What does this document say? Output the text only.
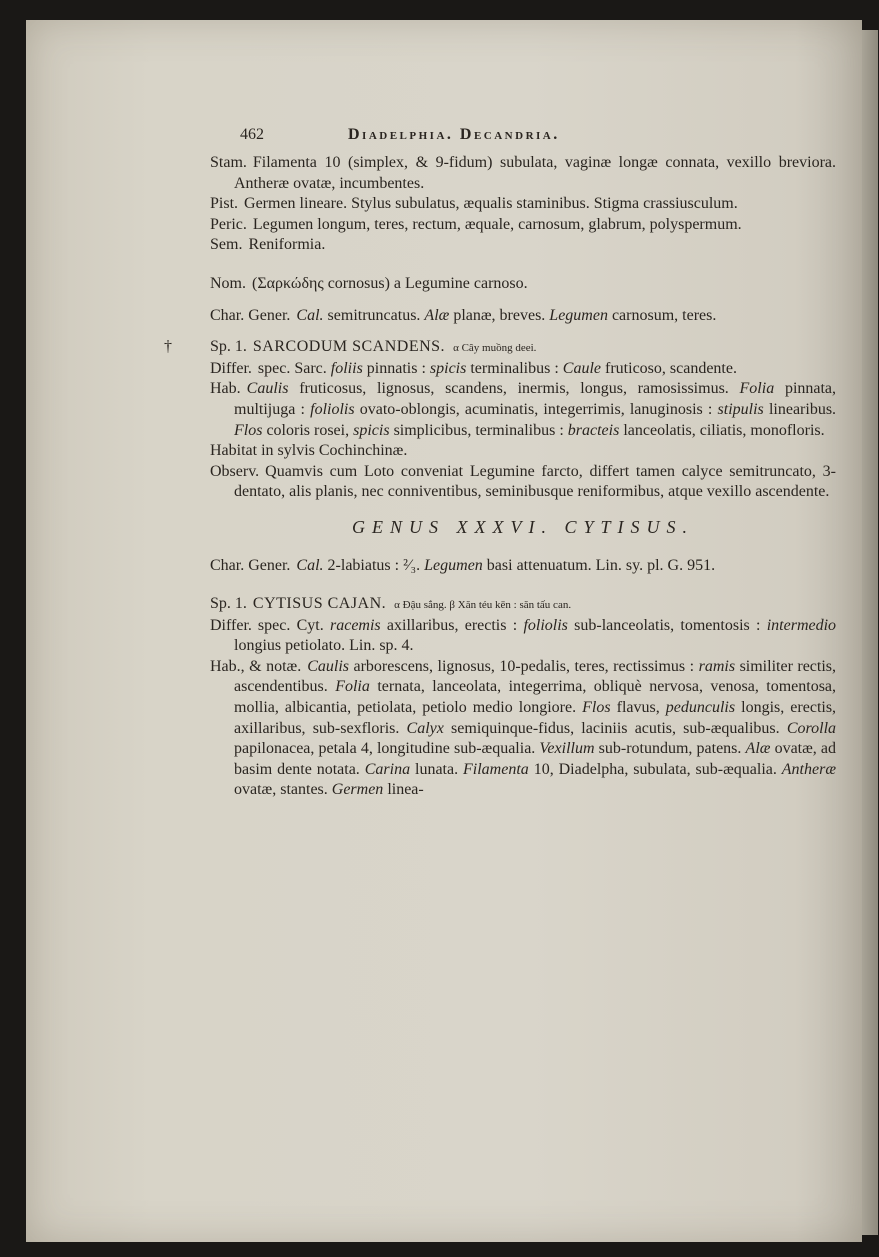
462	Diadelphia. Decandria.

Stam. Filamenta 10 (simplex, & 9-fidum) subulata, vaginæ longæ connata, vexillo breviora. Antheræ ovatæ, incumbentes.

Pist. Germen lineare. Stylus subulatus, æqualis staminibus. Stigma crassiusculum.

Peric. Legumen longum, teres, rectum, æquale, carnosum, glabrum, polyspermum.

Sem. Reniformia.

Nom. (Σαρκώδης cornosus) a Legumine carnoso.

Char. Gener. Cal. semitruncatus. Alæ planæ, breves. Legumen carnosum, teres.

Sp. 1. SARCODUM SCANDENS. α Cây muồng deei.

Differ. spec. Sarc. foliis pinnatis : spicis terminalibus : Caule fruticoso, scandente.

Hab. Caulis fruticosus, lignosus, scandens, inermis, longus, ramosissimus. Folia pinnata, multijuga : foliolis ovato-oblongis, acuminatis, integerrimis, lanuginosis : stipulis linearibus. Flos coloris rosei, spicis simplicibus, terminalibus : bracteis lanceolatis, ciliatis, monofloris.

Habitat in sylvis Cochinchinæ.

Observ. Quamvis cum Loto conveniat Legumine farcto, differt tamen calyce semitruncato, 3-dentato, alis planis, nec conniventibus, seminibusque reniformibus, atque vexillo ascendente.

GENUS XXXVI. CYTISUS.

Char. Gener. Cal. 2-labiatus : ²⁄₃. Legumen basi attenuatum. Lin. sy. pl. G. 951.

Sp. 1. CYTISUS CAJAN. α Đậu sắng. β Xăn téu kēn : săn tấu can.

Differ. spec. Cyt. racemis axillaribus, erectis : foliolis sub-lanceolatis, tomentosis : intermedio longius petiolato. Lin. sp. 4.

Hab., & notæ. Caulis arborescens, lignosus, 10-pedalis, teres, rectissimus : ramis similiter rectis, ascendentibus. Folia ternata, lanceolata, integerrima, obliquè nervosa, venosa, tomentosa, mollia, albicantia, petiolata, petiolo medio longiore. Flos flavus, pedunculis longis, erectis, axillaribus, sub-sexfloris. Calyx semiquinque-fidus, laciniis acutis, sub-æqualibus. Corolla papilonacea, petala 4, longitudine sub-æqualia. Vexillum sub-rotundum, patens. Alæ ovatæ, ad basim dente notata. Carina lunata. Filamenta 10, Diadelpha, subulata, sub-æqualia. Antheræ ovatæ, stantes. Germen linea-
